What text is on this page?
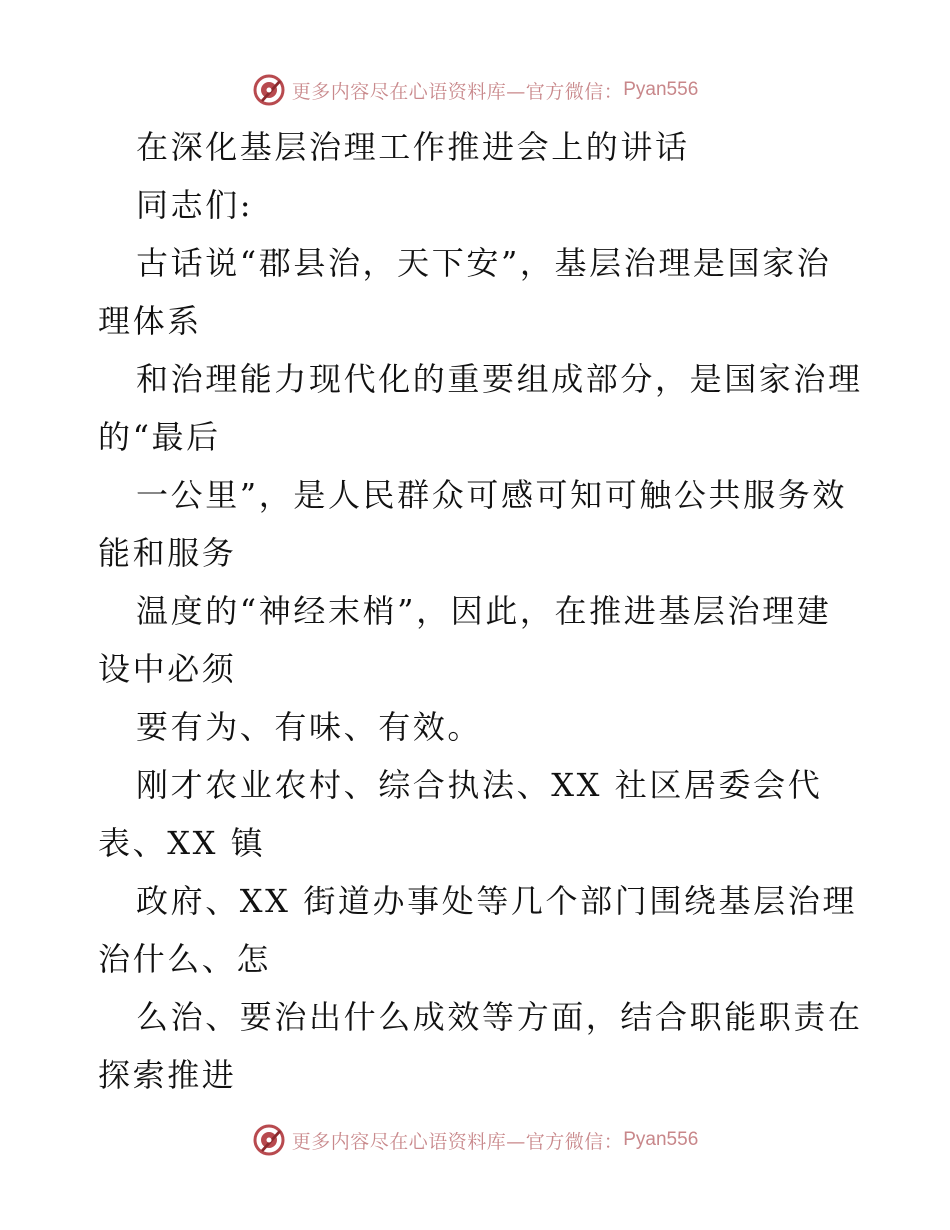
更多内容尽在心语资料库—官方微信： Pyan556
在深化基层治理工作推进会上的讲话
同志们:
古话说“郡县治，天下安”，基层治理是国家治
理体系
和治理能力现代化的重要组成部分，是国家治理
的“最后
一公里”，是人民群众可感可知可触公共服务效
能和服务
温度的“神经末梢”，因此，在推进基层治理建
设中必须
要有为、有味、有效。
刚才农业农村、综合执法、XX 社区居委会代
表、XX 镇
政府、XX 街道办事处等几个部门围绕基层治理
治什么、怎
么治、要治出什么成效等方面，结合职能职责在
探索推进
更多内容尽在心语资料库—官方微信： Pyan556
